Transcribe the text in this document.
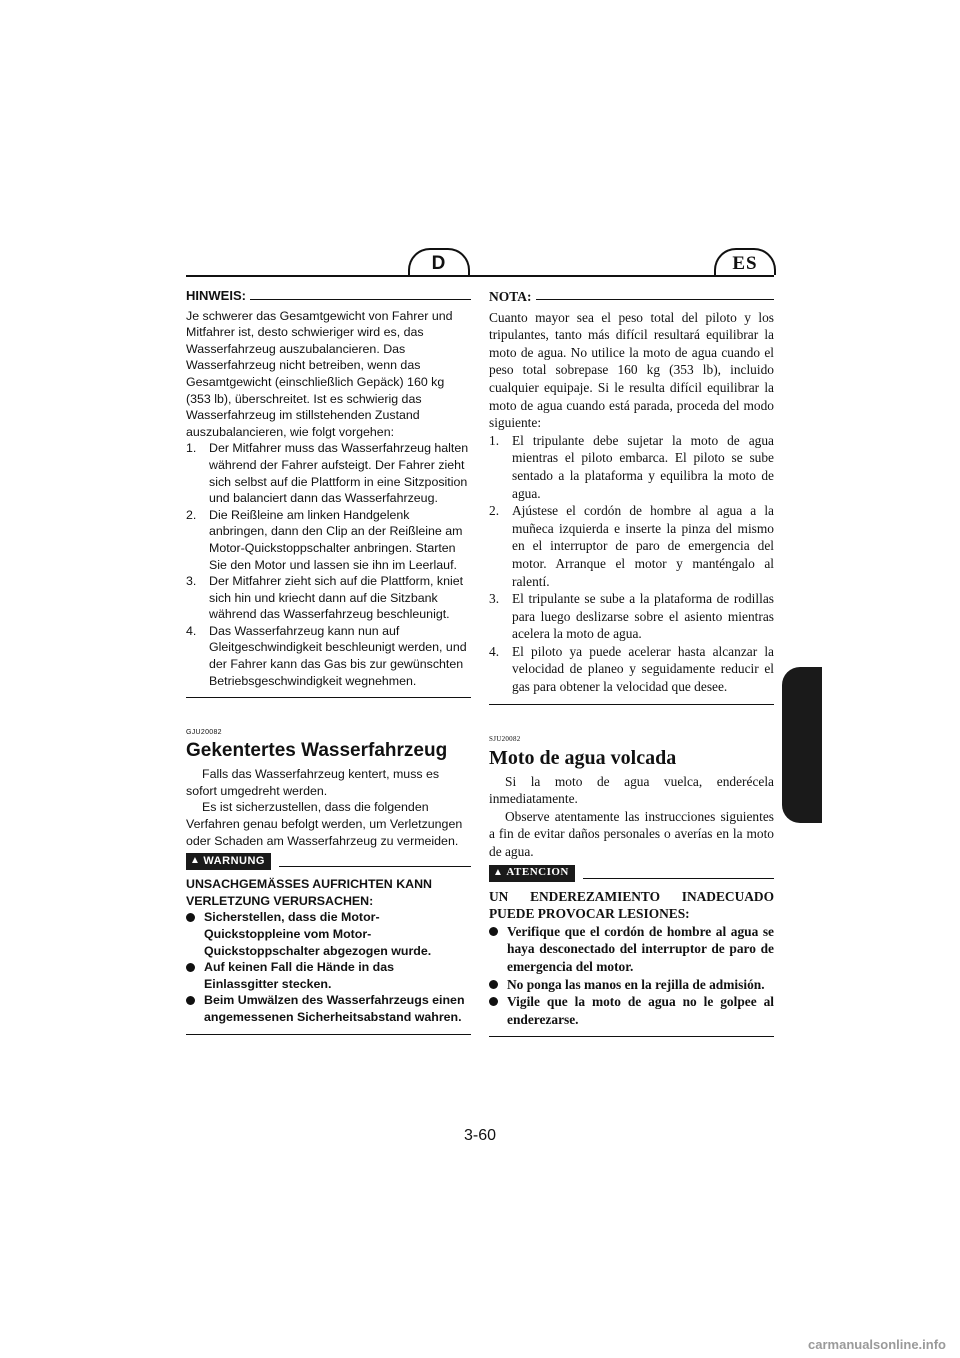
D	ES
HINWEIS:

Je schwerer das Gesamtgewicht von Fahrer und Mitfahrer ist, desto schwieriger wird es, das Wasserfahrzeug auszubalancieren. Das Wasserfahrzeug nicht betreiben, wenn das Gesamtgewicht (einschließlich Gepäck) 160 kg (353 lb), überschreitet. Ist es schwierig das Wasserfahrzeug im stillstehenden Zustand auszubalancieren, wie folgt vorgehen:

1. Der Mitfahrer muss das Wasserfahrzeug halten während der Fahrer aufsteigt. Der Fahrer zieht sich selbst auf die Plattform in eine Sitzposition und balanciert dann das Wasserfahrzeug.
2. Die Reißleine am linken Handgelenk anbringen, dann den Clip an der Reißleine am Motor-Quickstoppschalter anbringen. Starten Sie den Motor und lassen sie ihn im Leerlauf.
3. Der Mitfahrer zieht sich auf die Plattform, kniet sich hin und kriecht dann auf die Sitzbank während das Wasserfahrzeug beschleunigt.
4. Das Wasserfahrzeug kann nun auf Gleitgeschwindigkeit beschleunigt werden, und der Fahrer kann das Gas bis zur gewünschten Betriebsgeschwindigkeit wegnehmen.
GJU20082
Gekentertes Wasserfahrzeug

Falls das Wasserfahrzeug kentert, muss es sofort umgedreht werden.

Es ist sicherzustellen, dass die folgenden Verfahren genau befolgt werden, um Verletzungen oder Schaden am Wasserfahrzeug zu vermeiden.

▲ WARNUNG

UNSACHGEMÄSSES AUFRICHTEN KANN VERLETZUNG VERURSACHEN:

Sicherstellen, dass die Motor-Quickstoppleine vom Motor-Quickstoppschalter abgezogen wurde.
Auf keinen Fall die Hände in das Einlassgitter stecken.
Beim Umwälzen des Wasserfahrzeugs einen angemessenen Sicherheitsabstand wahren.
NOTA:

Cuanto mayor sea el peso total del piloto y los tripulantes, tanto más difícil resultará equilibrar la moto de agua. No utilice la moto de agua cuando el peso total sobrepase 160 kg (353 lb), incluido cualquier equipaje. Si le resulta difícil equilibrar la moto de agua cuando está parada, proceda del modo siguiente:

1. El tripulante debe sujetar la moto de agua mientras el piloto embarca. El piloto se sube sentado a la plataforma y equilibra la moto de agua.
2. Ajústese el cordón de hombre al agua a la muñeca izquierda e inserte la pinza del mismo en el interruptor de paro de emergencia del motor. Arranque el motor y manténgalo al ralentí.
3. El tripulante se sube a la plataforma de rodillas para luego deslizarse sobre el asiento mientras acelera la moto de agua.
4. El piloto ya puede acelerar hasta alcanzar la velocidad de planeo y seguidamente reducir el gas para obtener la velocidad que desee.
SJU20082
Moto de agua volcada

Si la moto de agua vuelca, enderécela inmediatamente.

Observe atentamente las instrucciones siguientes a fin de evitar daños personales o averías en la moto de agua.

▲ ATENCION

UN ENDEREZAMIENTO INADECUADO PUEDE PROVOCAR LESIONES:

Verifique que el cordón de hombre al agua se haya desconectado del interruptor de paro de emergencia del motor.
No ponga las manos en la rejilla de admisión.
Vigile que la moto de agua no le golpee al enderezarse.
3-60
carmanualsonline.info
